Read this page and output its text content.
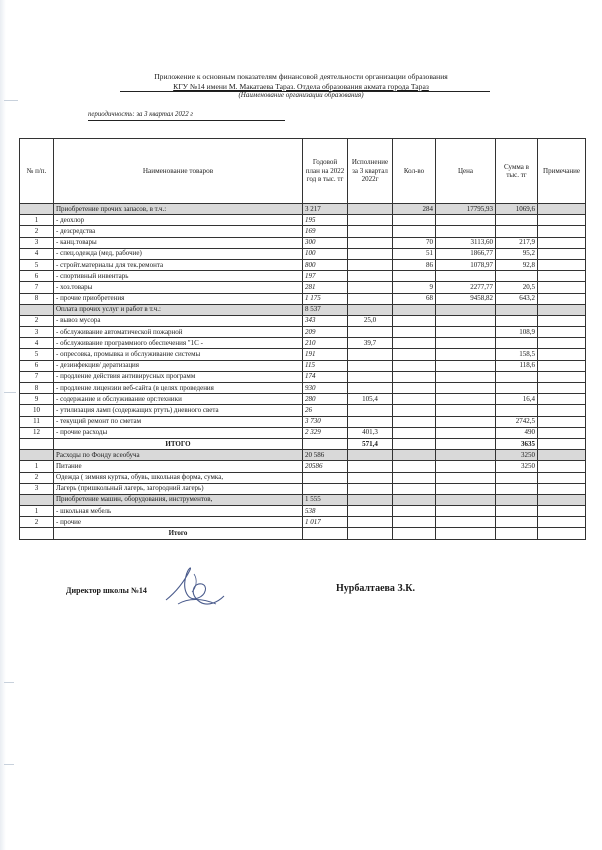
Приложение к основным показателям финансовой деятельности организации образования
КГУ №14 имени М. Макатаева Тараз. Отдела образования акмата города Тараз
(Наименование организации образования)
периодичность: за 3 квартал 2022 г
№ п/п.	Наименование товаров	Годовой план на 2022 год в тыс. тг	Исполнение за 3 квартал 2022г	Кол-во	Цена	Сумма в тыс. тг	Примечание
	Приобретение прочих запасов, в т.ч.:	3 217		284	17795,93	1069,6	
1	- деохлор	195					
2	- дезсредства	169					
3	- канц.товары	300		70	3113,60	217,9	
4	- спец.одежда (мед, рабочие)	100		51	1866,77	95,2	
5	- стройт.материалы для тек.ремонта	800		86	1078,97	92,8	
6	- спортивный инвентарь	197					
7	- хоз.товары	281		9	2277,77	20,5	
8	- прочие приобретения	1 175		68	9458,82	643,2	
	Оплата прочих услуг и работ в т.ч.:	8 537					
2	- вывоз мусора	343	25,0				
3	- обслуживание автоматической пожарной	209				108,9	
4	- обслуживание программного обеспечения "1С -	210	39,7				
5	- опресовка, промывка и обслуживание системы	191				158,5	
6	- дезинфекция/ дератизация	115				118,6	
7	- продление действия антивирусных программ	174					
8	- продление лицензии веб-сайта (в целях проведения	930					
9	- содержание и обслуживание орг.техники	280	105,4			16,4	
10	- утилизация ламп (содержащих ртуть) дневного света	26					
11	- текущий ремонт по сметам	3 730				2742,5	
12	- прочие расходы	2 329	401,3			490	
	ИТОГО		571,4			3635	
	Расходы по Фонду всеобуча	20 586				3250	
1	Питание	20586				3250	
2	Одежда ( зимняя куртка, обувь, школьная форма, сумка,						
3	Лагерь (пришкольный лагерь, загородний лагерь)						
	Приобретение машин, оборудования, инструментов,	1 555					
1	- школьная мебель	538					
2	- прочие	1 017					
	Итого						
Директор школы №14	Нурбалтаева З.К.
